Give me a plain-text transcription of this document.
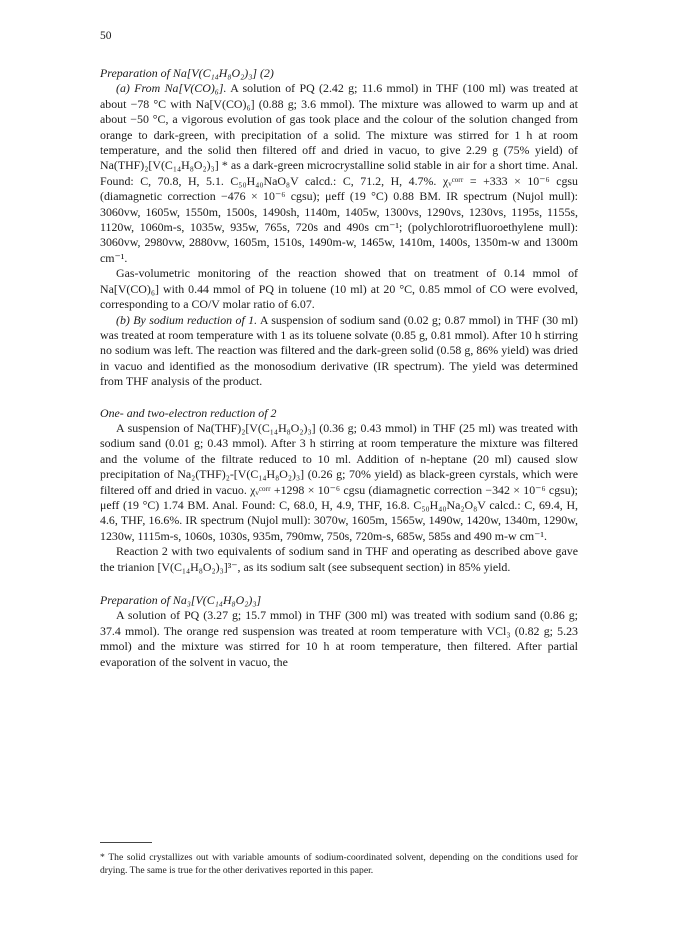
50

Preparation of Na[V(C₁₄H₈O₂)₃] (2)

(a) From Na[V(CO)₆]. A solution of PQ (2.42 g; 11.6 mmol) in THF (100 ml) was treated at about −78 °C with Na[V(CO)₆] (0.88 g; 3.6 mmol). The mixture was allowed to warm up and at about −50 °C, a vigorous evolution of gas took place and the colour of the solution changed from orange to dark-green, with precipitation of a solid. The mixture was stirred for 1 h at room temperature, and the solid then filtered off and dried in vacuo, to give 2.29 g (75% yield) of Na(THF)₂[V(C₁₄H₈O₂)₃] * as a dark-green microcrystalline solid stable in air for a short time. Anal. Found: C, 70.8, H, 5.1. C₅₀H₄₀NaO₈V calcd.: C, 71.2, H, 4.7%. χᵥᶜᵒʳʳ = +333 × 10⁻⁶ cgsu (diamagnetic correction −476 × 10⁻⁶ cgsu); μeff (19 °C) 0.88 BM. IR spectrum (Nujol mull): 3060vw, 1605w, 1550m, 1500s, 1490sh, 1140m, 1405w, 1300vs, 1290vs, 1230vs, 1195s, 1155s, 1120w, 1060m-s, 1035w, 935w, 765s, 720s and 490s cm⁻¹; (polychlorotrifluoroethylene mull): 3060vw, 2980vw, 2880vw, 1605m, 1510s, 1490m-w, 1465w, 1410m, 1400s, 1350m-w and 1300m cm⁻¹.

Gas-volumetric monitoring of the reaction showed that on treatment of 0.14 mmol of Na[V(CO)₆] with 0.44 mmol of PQ in toluene (10 ml) at 20 °C, 0.85 mmol of CO were evolved, corresponding to a CO/V molar ratio of 6.07.

(b) By sodium reduction of 1. A suspension of sodium sand (0.02 g; 0.87 mmol) in THF (30 ml) was treated at room temperature with 1 as its toluene solvate (0.85 g, 0.81 mmol). After 10 h stirring no sodium was left. The reaction was filtered and the dark-green solid (0.58 g, 86% yield) was dried in vacuo and identified as the monosodium derivative (IR spectrum). The yield was determined from THF analysis of the product.

One- and two-electron reduction of 2

A suspension of Na(THF)₂[V(C₁₄H₈O₂)₃] (0.36 g; 0.43 mmol) in THF (25 ml) was treated with sodium sand (0.01 g; 0.43 mmol). After 3 h stirring at room temperature the mixture was filtered and the volume of the filtrate reduced to 10 ml. Addition of n-heptane (20 ml) caused slow precipitation of Na₂(THF)₂-[V(C₁₄H₈O₂)₃] (0.26 g; 70% yield) as black-green cyrstals, which were filtered off and dried in vacuo. χᵥᶜᵒʳʳ +1298 × 10⁻⁶ cgsu (diamagnetic correction −342 × 10⁻⁶ cgsu); μeff (19 °C) 1.74 BM. Anal. Found: C, 68.0, H, 4.9, THF, 16.8. C₅₀H₄₀Na₂O₈V calcd.: C, 69.4, H, 4.6, THF, 16.6%. IR spectrum (Nujol mull): 3070w, 1605m, 1565w, 1490w, 1420w, 1340m, 1290w, 1230w, 1115m-s, 1060s, 1030s, 935m, 790mw, 750s, 720m-s, 685w, 585s and 490 m-w cm⁻¹.

Reaction 2 with two equivalents of sodium sand in THF and operating as described above gave the trianion [V(C₁₄H₈O₂)₃]³⁻, as its sodium salt (see subsequent section) in 85% yield.

Preparation of Na₃[V(C₁₄H₈O₂)₃]

A solution of PQ (3.27 g; 15.7 mmol) in THF (300 ml) was treated with sodium sand (0.86 g; 37.4 mmol). The orange red suspension was treated at room temperature with VCl₃ (0.82 g; 5.23 mmol) and the mixture was stirred for 10 h at room temperature, then filtered. After partial evaporation of the solvent in vacuo, the

* The solid crystallizes out with variable amounts of sodium-coordinated solvent, depending on the conditions used for drying. The same is true for the other derivatives reported in this paper.
